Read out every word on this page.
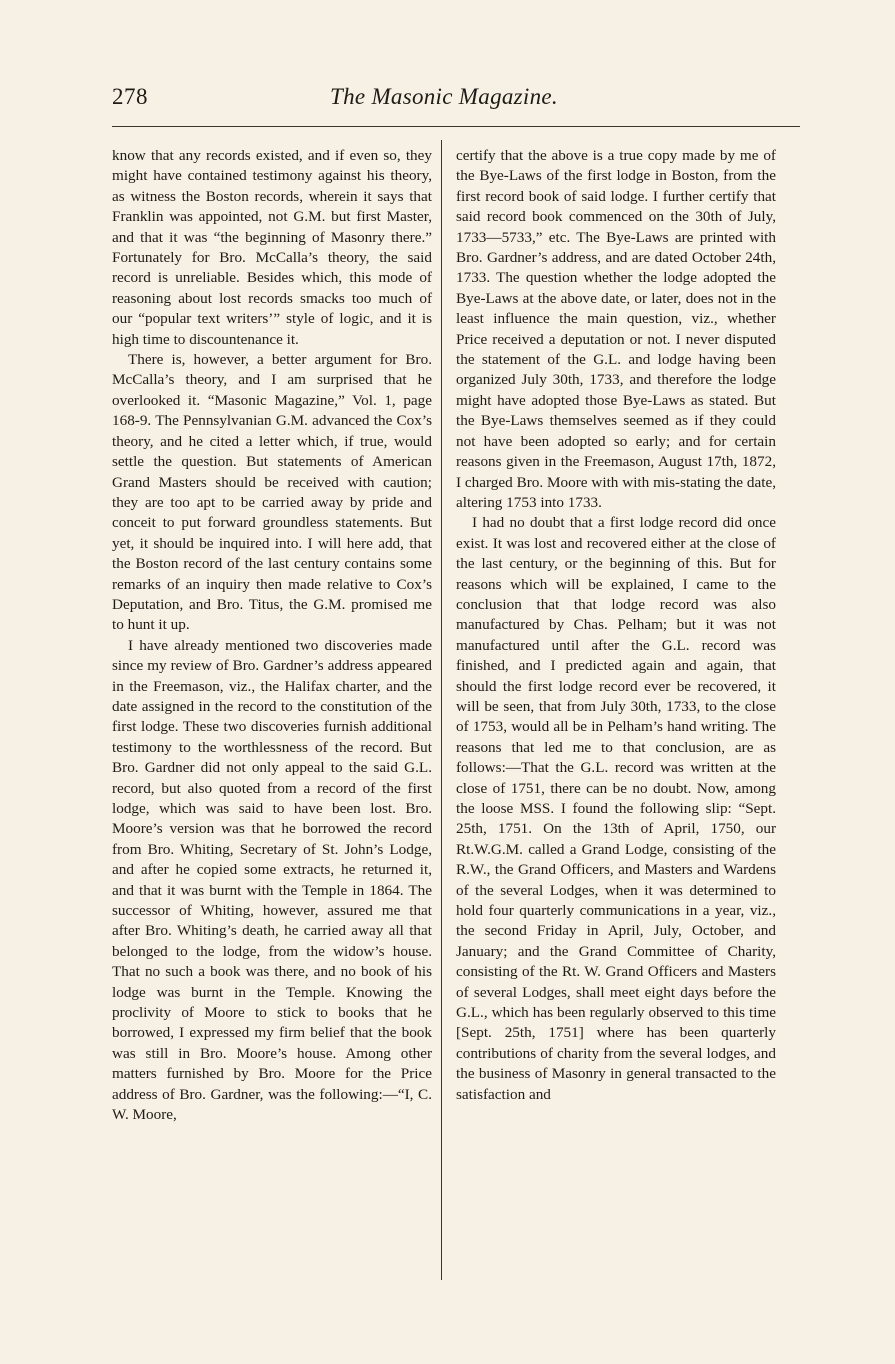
278	The Masonic Magazine.

know that any records existed, and if even so, they might have contained testimony against his theory, as witness the Boston records, wherein it says that Franklin was appointed, not G.M. but first Master, and that it was “the beginning of Masonry there.” Fortunately for Bro. McCalla’s theory, the said record is unreliable. Besides which, this mode of reasoning about lost records smacks too much of our “popular text writers’” style of logic, and it is high time to discountenance it.

There is, however, a better argument for Bro. McCalla’s theory, and I am surprised that he overlooked it. “Masonic Magazine,” Vol. 1, page 168-9. The Pennsylvanian G.M. advanced the Cox’s theory, and he cited a letter which, if true, would settle the question. But statements of American Grand Masters should be received with caution; they are too apt to be carried away by pride and conceit to put forward groundless statements. But yet, it should be inquired into. I will here add, that the Boston record of the last century contains some remarks of an inquiry then made relative to Cox’s Deputation, and Bro. Titus, the G.M. promised me to hunt it up.

I have already mentioned two discoveries made since my review of Bro. Gardner’s address appeared in the Freemason, viz., the Halifax charter, and the date assigned in the record to the constitution of the first lodge. These two discoveries furnish additional testimony to the worthlessness of the record. But Bro. Gardner did not only appeal to the said G.L. record, but also quoted from a record of the first lodge, which was said to have been lost. Bro. Moore’s version was that he borrowed the record from Bro. Whiting, Secretary of St. John’s Lodge, and after he copied some extracts, he returned it, and that it was burnt with the Temple in 1864. The successor of Whiting, however, assured me that after Bro. Whiting’s death, he carried away all that belonged to the lodge, from the widow’s house. That no such a book was there, and no book of his lodge was burnt in the Temple. Knowing the proclivity of Moore to stick to books that he borrowed, I expressed my firm belief that the book was still in Bro. Moore’s house. Among other matters furnished by Bro. Moore for the Price address of Bro. Gardner, was the following:—“I, C. W. Moore,

certify that the above is a true copy made by me of the Bye-Laws of the first lodge in Boston, from the first record book of said lodge. I further certify that said record book commenced on the 30th of July, 1733—5733,” etc. The Bye-Laws are printed with Bro. Gardner’s address, and are dated October 24th, 1733. The question whether the lodge adopted the Bye-Laws at the above date, or later, does not in the least influence the main question, viz., whether Price received a deputation or not. I never disputed the statement of the G.L. and lodge having been organized July 30th, 1733, and therefore the lodge might have adopted those Bye-Laws as stated. But the Bye-Laws themselves seemed as if they could not have been adopted so early; and for certain reasons given in the Freemason, August 17th, 1872, I charged Bro. Moore with with mis-stating the date, altering 1753 into 1733.

I had no doubt that a first lodge record did once exist. It was lost and recovered either at the close of the last century, or the beginning of this. But for reasons which will be explained, I came to the conclusion that that lodge record was also manufactured by Chas. Pelham; but it was not manufactured until after the G.L. record was finished, and I predicted again and again, that should the first lodge record ever be recovered, it will be seen, that from July 30th, 1733, to the close of 1753, would all be in Pelham’s hand writing. The reasons that led me to that conclusion, are as follows:—That the G.L. record was written at the close of 1751, there can be no doubt. Now, among the loose MSS. I found the following slip: “Sept. 25th, 1751. On the 13th of April, 1750, our Rt.W.G.M. called a Grand Lodge, consisting of the R.W., the Grand Officers, and Masters and Wardens of the several Lodges, when it was determined to hold four quarterly communications in a year, viz., the second Friday in April, July, October, and January; and the Grand Committee of Charity, consisting of the Rt. W. Grand Officers and Masters of several Lodges, shall meet eight days before the G.L., which has been regularly observed to this time [Sept. 25th, 1751] where has been quarterly contributions of charity from the several lodges, and the business of Masonry in general transacted to the satisfaction and
